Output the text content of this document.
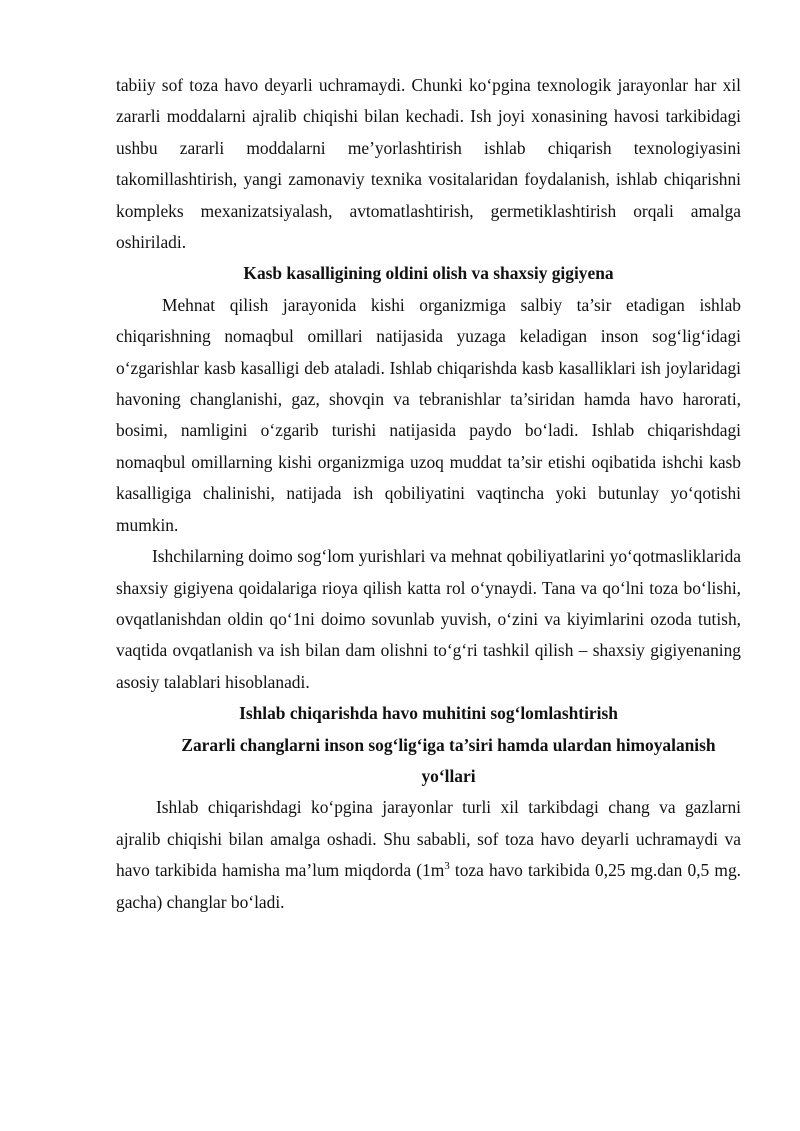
tabiiy sof toza havo deyarli uchramaydi. Chunki ko‘pgina texnologik jarayonlar har xil zararli moddalarni ajralib chiqishi bilan kechadi. Ish joyi xonasining havosi tarkibidagi ushbu zararli moddalarni me’yorlashtirish ishlab chiqarish texnologiyasini takomillashtirish, yangi zamonaviy texnika vositalaridan foydalanish, ishlab chiqarishni kompleks mexanizatsiyalash, avtomatlashtirish, germetiklashtirish orqali amalga oshiriladi.

Kasb kasalligining oldini olish va shaxsiy gigiyena

Mehnat qilish jarayonida kishi organizmiga salbiy ta’sir etadigan ishlab chiqarishning nomaqbul omillari natijasida yuzaga keladigan inson sog‘lig‘idagi o‘zgarishlar kasb kasalligi deb ataladi. Ishlab chiqarishda kasb kasalliklari ish joylaridagi havoning changlanishi, gaz, shovqin va tebranishlar ta’siridan hamda havo harorati, bosimi, namligini o‘zgarib turishi natijasida paydo bo‘ladi. Ishlab chiqarishdagi nomaqbul omillarning kishi organizmiga uzoq muddat ta’sir etishi oqibatida ishchi kasb kasalligiga chalinishi, natijada ish qobiliyatini vaqtincha yoki butunlay yo‘qotishi mumkin.

Ishchilarning doimo sog‘lom yurishlari va mehnat qobiliyatlarini yo‘qotmasliklarida shaxsiy gigiyena qoidalariga rioya qilish katta rol o‘ynaydi. Tana va qo‘lni toza bo‘lishi, ovqatlanishdan oldin qo‘1ni doimo sovunlab yuvish, o‘zini va kiyimlarini ozoda tutish, vaqtida ovqatlanish va ish bilan dam olishni to‘g‘ri tashkil qilish – shaxsiy gigiyenaning asosiy talablari hisoblanadi.

Ishlab chiqarishda havo muhitini sog‘lomlashtirish
Zararli changlarni inson sog‘lig‘iga ta’siri hamda ulardan himoyalanish yo‘llari

Ishlab chiqarishdagi ko‘pgina jarayonlar turli xil tarkibdagi chang va gazlarni ajralib chiqishi bilan amalga oshadi. Shu sababli, sof toza havo deyarli uchramaydi va havo tarkibida hamisha ma’lum miqdorda ($1m^3$ toza havo tarkibida 0,25 mg.dan 0,5 mg. gacha) changlar bo‘ladi.
